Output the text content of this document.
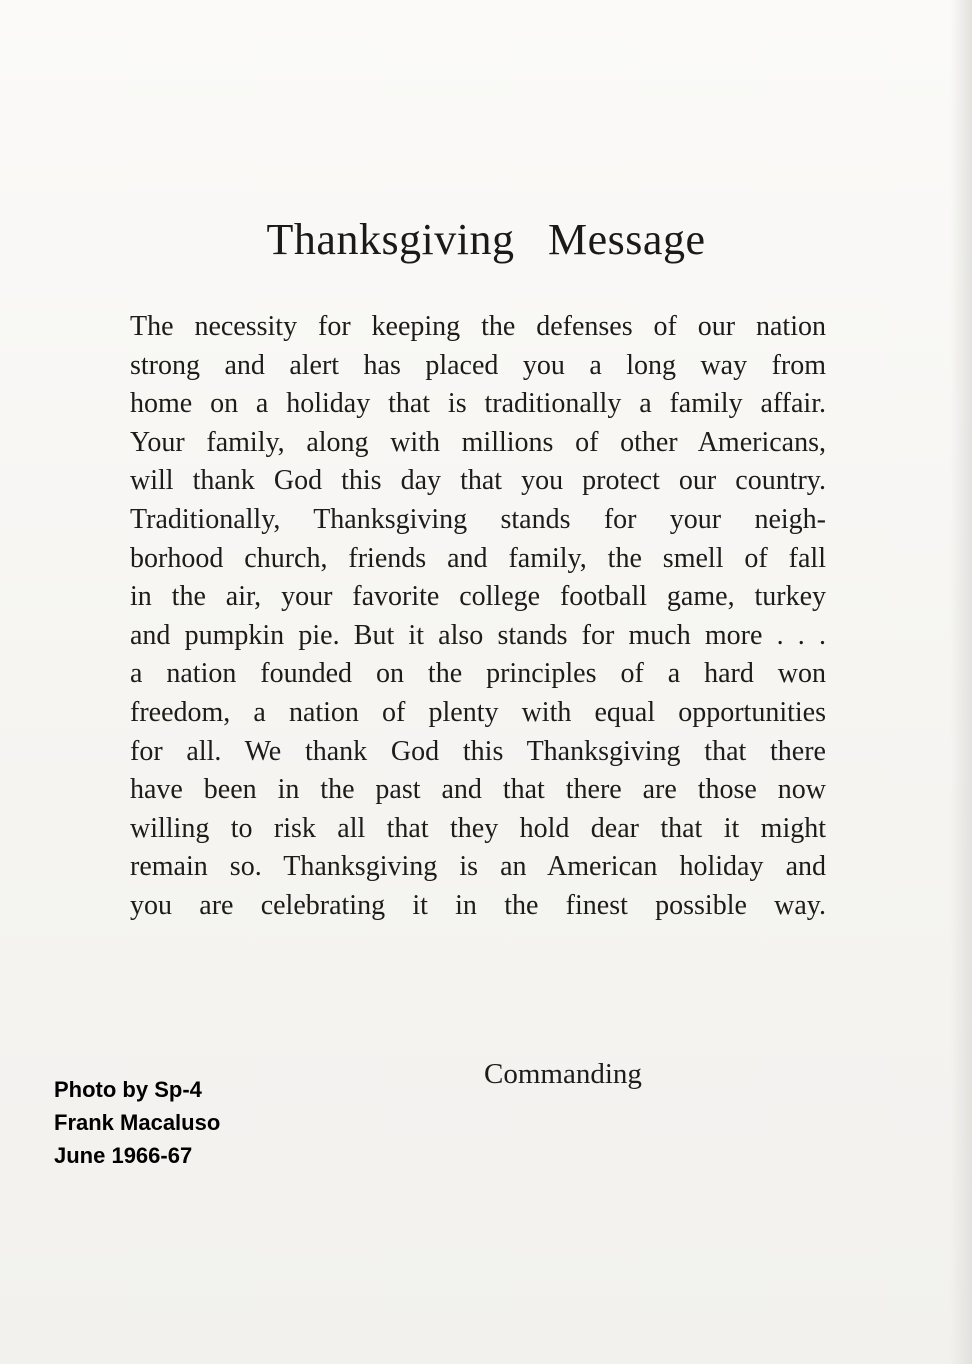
Thanksgiving Message
The necessity for keeping the defenses of our nation
strong and alert has placed you a long way from
home on a holiday that is traditionally a family affair.
Your family, along with millions of other Americans,
will thank God this day that you protect our country.
Traditionally, Thanksgiving stands for your neigh-
borhood church, friends and family, the smell of fall
in the air, your favorite college football game, turkey
and pumpkin pie. But it also stands for much more . . .
a nation founded on the principles of a hard won
freedom, a nation of plenty with equal opportunities
for all. We thank God this Thanksgiving that there
have been in the past and that there are those now
willing to risk all that they hold dear that it might
remain so. Thanksgiving is an American holiday and
you are celebrating it in the finest possible way.

Commanding

Photo by Sp-4
Frank Macaluso
June 1966-67
